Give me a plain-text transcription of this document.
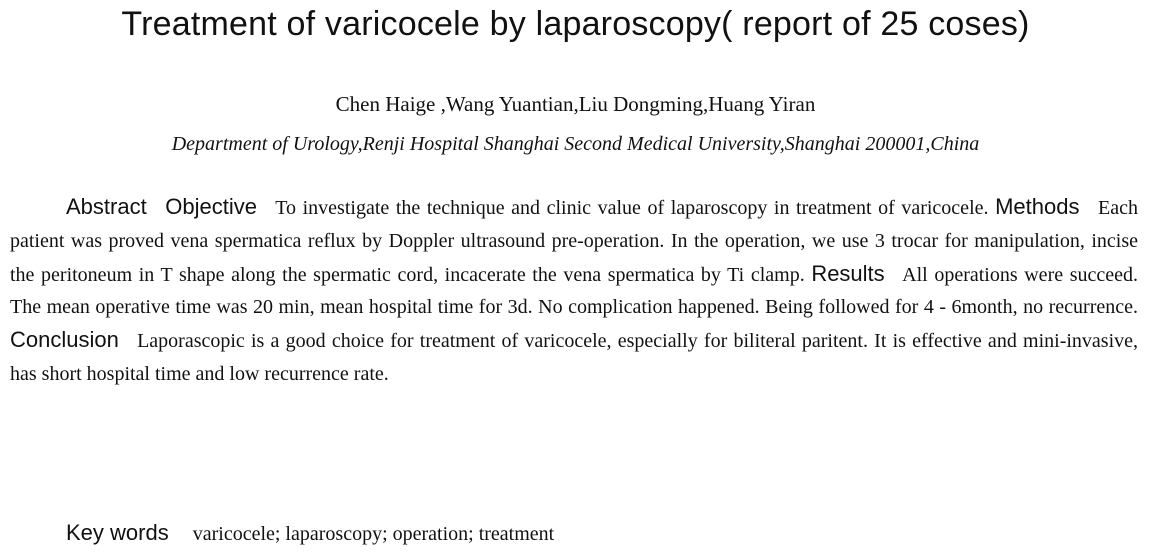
Treatment of varicocele by laparoscopy( report of 25 coses)
Chen Haige ,Wang Yuantian,Liu Dongming,Huang Yiran
Department of Urology,Renji Hospital Shanghai Second Medical University,Shanghai 200001,China

Abstract Objective To investigate the technique and clinic value of laparoscopy in treatment of varicocele. Methods Each patient was proved vena spermatica reflux by Doppler ultrasound pre-operation. In the operation, we use 3 trocar for manipulation, incise the peritoneum in T shape along the spermatic cord, incacerate the vena spermatica by Ti clamp. Results All operations were succeed. The mean operative time was 20 min, mean hospital time for 3d. No complication happened. Being followed for 4 - 6month, no recurrence. Conclusion Laporascopic is a good choice for treatment of varicocele, especially for biliteral paritent. It is effective and mini-invasive, has short hospital time and low recurrence rate.

Key words varicocele; laparoscopy; operation; treatment
